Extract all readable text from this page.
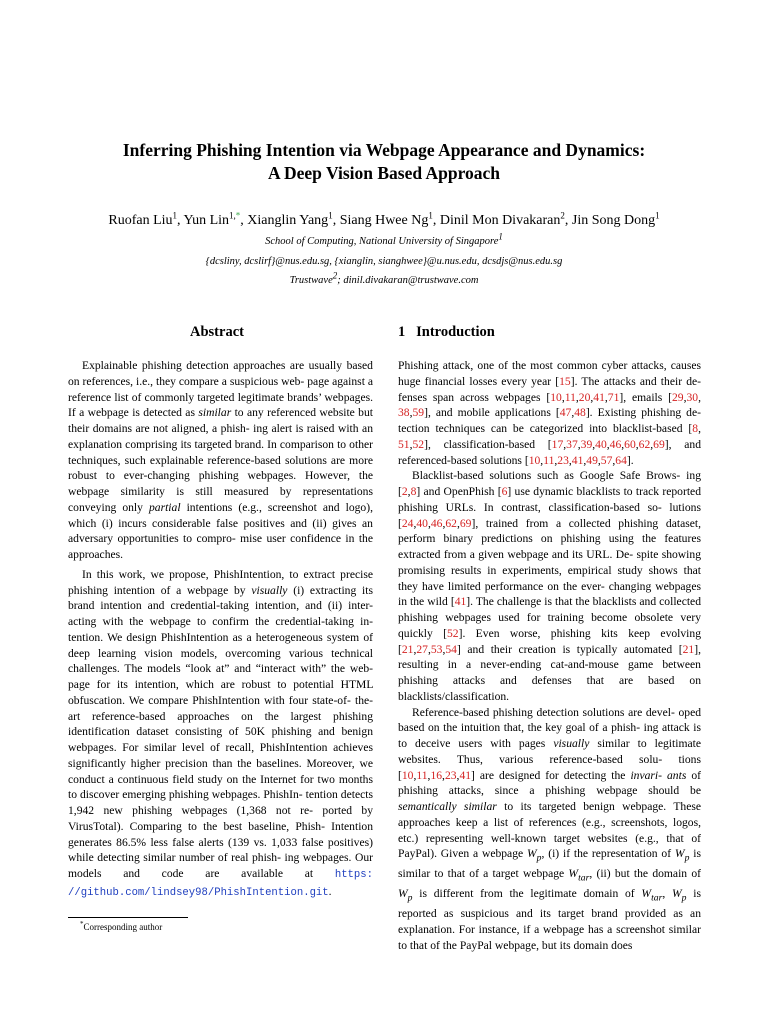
Inferring Phishing Intention via Webpage Appearance and Dynamics:
A Deep Vision Based Approach
Ruofan Liu$^1$, Yun Lin$^{1,*}$, Xianglin Yang$^1$, Siang Hwee Ng$^1$, Dinil Mon Divakaran$^2$, Jin Song Dong$^1$
School of Computing, National University of Singapore$^1$
{dcsliny, dcslirf}@nus.edu.sg, {xianglin, sianghwee}@u.nus.edu, dcsdjs@nus.edu.sg
Trustwave$^2$; dinil.divakaran@trustwave.com
Abstract	1 Introduction

Explainable phishing detection approaches are usually based on references, i.e., they compare a suspicious web- page against a reference list of commonly targeted legitimate brands’ webpages. If a webpage is detected as similar to any referenced website but their domains are not aligned, a phish- ing alert is raised with an explanation comprising its targeted brand. In comparison to other techniques, such explainable reference-based solutions are more robust to ever-changing phishing webpages. However, the webpage similarity is still measured by representations conveying only partial intentions (e.g., screenshot and logo), which (i) incurs considerable false positives and (ii) gives an adversary opportunities to compro- mise user confidence in the approaches.

In this work, we propose, PhishIntention, to extract precise phishing intention of a webpage by visually (i) extracting its brand intention and credential-taking intention, and (ii) inter- acting with the webpage to confirm the credential-taking in- tention. We design PhishIntention as a heterogeneous system of deep learning vision models, overcoming various technical challenges. The models “look at” and “interact with” the web- page for its intention, which are robust to potential HTML obfuscation. We compare PhishIntention with four state-of- the-art reference-based approaches on the largest phishing identification dataset consisting of 50K phishing and benign webpages. For similar level of recall, PhishIntention achieves significantly higher precision than the baselines. Moreover, we conduct a continuous field study on the Internet for two months to discover emerging phishing webpages. PhishIn- tention detects 1,942 new phishing webpages (1,368 not re- ported by VirusTotal). Comparing to the best baseline, Phish- Intention generates 86.5% less false alerts (139 vs. 1,033 false positives) while detecting similar number of real phish- ing webpages. Our models and code are available at https: //github.com/lindsey98/PhishIntention.git.

Phishing attack, one of the most common cyber attacks, causes huge financial losses every year [15]. The attacks and their de- fenses span across webpages [10,11,20,41,71], emails [29,30, 38,59], and mobile applications [47,48]. Existing phishing de- tection techniques can be categorized into blacklist-based [8, 51,52], classification-based [17,37,39,40,46,60,62,69], and referenced-based solutions [10,11,23,41,49,57,64].

Blacklist-based solutions such as Google Safe Brows- ing [2,8] and OpenPhish [6] use dynamic blacklists to track reported phishing URLs. In contrast, classification-based so- lutions [24,40,46,62,69], trained from a collected phishing dataset, perform binary predictions on phishing using the features extracted from a given webpage and its URL. De- spite showing promising results in experiments, empirical study shows that they have limited performance on the ever- changing webpages in the wild [41]. The challenge is that the blacklists and collected phishing webpages used for training become obsolete very quickly [52]. Even worse, phishing kits keep evolving [21,27,53,54] and their creation is typically automated [21], resulting in a never-ending cat-and-mouse game between phishing attacks and defenses that are based on blacklists/classification.

Reference-based phishing detection solutions are devel- oped based on the intuition that, the key goal of a phish- ing attack is to deceive users with pages visually similar to legitimate websites. Thus, various reference-based solu- tions [10,11,16,23,41] are designed for detecting the invari- ants of phishing attacks, since a phishing webpage should be semantically similar to its targeted benign webpage. These approaches keep a list of references (e.g., screenshots, logos, etc.) representing well-known target websites (e.g., that of PayPal). Given a webpage $W_p$, (i) if the representation of $W_p$ is similar to that of a target webpage $W_{tar}$, (ii) but the domain of $W_p$ is different from the legitimate domain of $W_{tar}$, $W_p$ is reported as suspicious and its target brand provided as an explanation. For instance, if a webpage has a screenshot similar to that of the PayPal webpage, but its domain does

*Corresponding author
